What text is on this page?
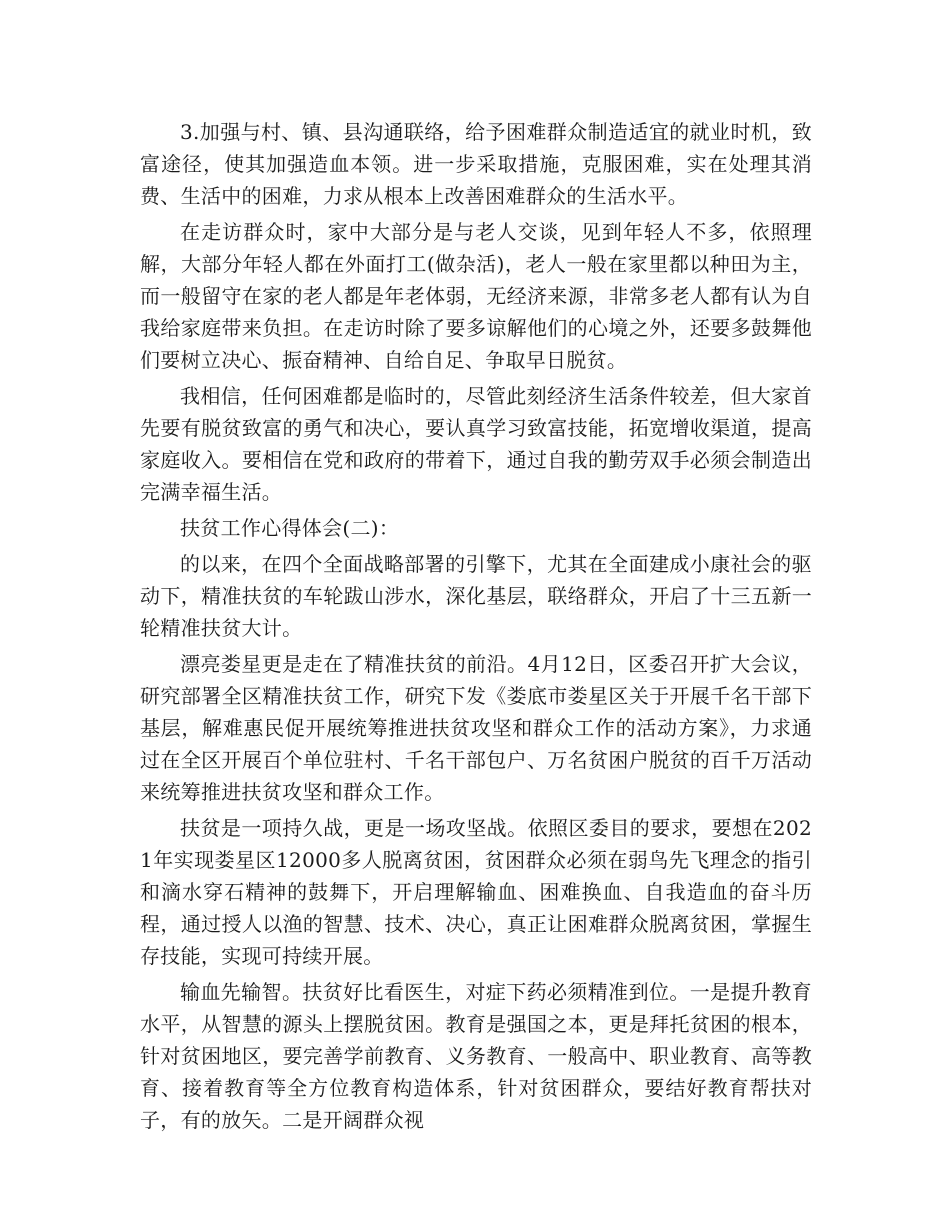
3.加强与村、镇、县沟通联络，给予困难群众制造适宜的就业时机，致富途径，使其加强造血本领。进一步采取措施，克服困难，实在处理其消费、生活中的困难，力求从根本上改善困难群众的生活水平。

在走访群众时，家中大部分是与老人交谈，见到年轻人不多，依照理解，大部分年轻人都在外面打工(做杂活)，老人一般在家里都以种田为主，而一般留守在家的老人都是年老体弱，无经济来源，非常多老人都有认为自我给家庭带来负担。在走访时除了要多谅解他们的心境之外，还要多鼓舞他们要树立决心、振奋精神、自给自足、争取早日脱贫。

我相信，任何困难都是临时的，尽管此刻经济生活条件较差，但大家首先要有脱贫致富的勇气和决心，要认真学习致富技能，拓宽增收渠道，提高家庭收入。要相信在党和政府的带着下，通过自我的勤劳双手必须会制造出完满幸福生活。

扶贫工作心得体会(二)：

的以来，在四个全面战略部署的引擎下，尤其在全面建成小康社会的驱动下，精准扶贫的车轮跋山涉水，深化基层，联络群众，开启了十三五新一轮精准扶贫大计。

漂亮娄星更是走在了精准扶贫的前沿。4月12日，区委召开扩大会议，研究部署全区精准扶贫工作，研究下发《娄底市娄星区关于开展千名干部下基层，解难惠民促开展统筹推进扶贫攻坚和群众工作的活动方案》，力求通过在全区开展百个单位驻村、千名干部包户、万名贫困户脱贫的百千万活动来统筹推进扶贫攻坚和群众工作。

扶贫是一项持久战，更是一场攻坚战。依照区委目的要求，要想在2021年实现娄星区12000多人脱离贫困，贫困群众必须在弱鸟先飞理念的指引和滴水穿石精神的鼓舞下，开启理解输血、困难换血、自我造血的奋斗历程，通过授人以渔的智慧、技术、决心，真正让困难群众脱离贫困，掌握生存技能，实现可持续开展。

输血先输智。扶贫好比看医生，对症下药必须精准到位。一是提升教育水平，从智慧的源头上摆脱贫困。教育是强国之本，更是拜托贫困的根本，针对贫困地区，要完善学前教育、义务教育、一般高中、职业教育、高等教育、接着教育等全方位教育构造体系，针对贫困群众，要结好教育帮扶对子，有的放矢。二是开阔群众视
